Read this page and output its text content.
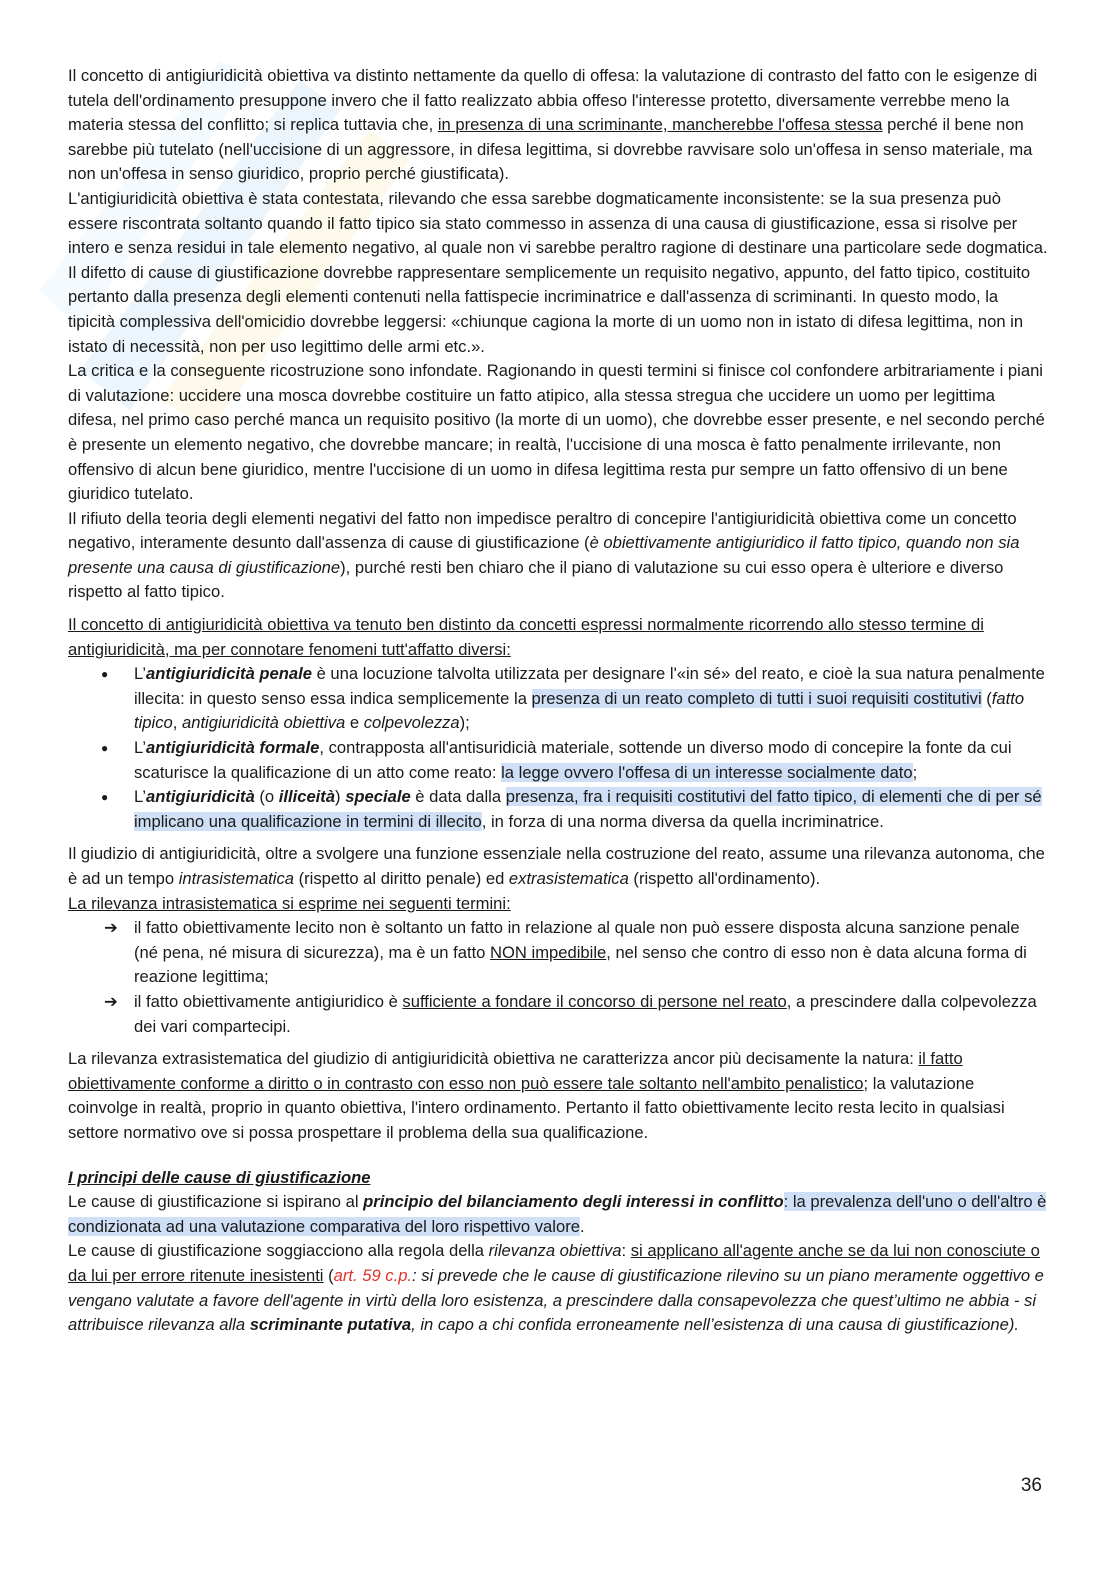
Il concetto di antigiuridicità obiettiva va distinto nettamente da quello di offesa: la valutazione di contrasto del fatto con le esigenze di tutela dell'ordinamento presuppone invero che il fatto realizzato abbia offeso l'interesse protetto, diversamente verrebbe meno la materia stessa del conflitto; si replica tuttavia che, in presenza di una scriminante, mancherebbe l'offesa stessa perché il bene non sarebbe più tutelato (nell'uccisione di un aggressore, in difesa legittima, si dovrebbe ravvisare solo un'offesa in senso materiale, ma non un'offesa in senso giuridico, proprio perché giustificata).

L'antigiuridicità obiettiva è stata contestata, rilevando che essa sarebbe dogmaticamente inconsistente: se la sua presenza può essere riscontrata soltanto quando il fatto tipico sia stato commesso in assenza di una causa di giustificazione, essa si risolve per intero e senza residui in tale elemento negativo, al quale non vi sarebbe peraltro ragione di destinare una particolare sede dogmatica. Il difetto di cause di giustificazione dovrebbe rappresentare semplicemente un requisito negativo, appunto, del fatto tipico, costituito pertanto dalla presenza degli elementi contenuti nella fattispecie incriminatrice e dall'assenza di scriminanti. In questo modo, la tipicità complessiva dell'omicidio dovrebbe leggersi: «chiunque cagiona la morte di un uomo non in istato di difesa legittima, non in istato di necessità, non per uso legittimo delle armi etc.».

La critica e la conseguente ricostruzione sono infondate. Ragionando in questi termini si finisce col confondere arbitrariamente i piani di valutazione: uccidere una mosca dovrebbe costituire un fatto atipico, alla stessa stregua che uccidere un uomo per legittima difesa, nel primo caso perché manca un requisito positivo (la morte di un uomo), che dovrebbe esser presente, e nel secondo perché è presente un elemento negativo, che dovrebbe mancare; in realtà, l'uccisione di una mosca è fatto penalmente irrilevante, non offensivo di alcun bene giuridico, mentre l'uccisione di un uomo in difesa legittima resta pur sempre un fatto offensivo di un bene giuridico tutelato.

Il rifiuto della teoria degli elementi negativi del fatto non impedisce peraltro di concepire l'antigiuridicità obiettiva come un concetto negativo, interamente desunto dall'assenza di cause di giustificazione (è obiettivamente antigiuridico il fatto tipico, quando non sia presente una causa di giustificazione), purché resti ben chiaro che il piano di valutazione su cui esso opera è ulteriore e diverso rispetto al fatto tipico.

Il concetto di antigiuridicità obiettiva va tenuto ben distinto da concetti espressi normalmente ricorrendo allo stesso termine di antigiuridicità, ma per connotare fenomeni tutt'affatto diversi:

● L’antigiuridicità penale è una locuzione talvolta utilizzata per designare l'«in sé» del reato, e cioè la sua natura penalmente illecita: in questo senso essa indica semplicemente la presenza di un reato completo di tutti i suoi requisiti costitutivi (fatto tipico, antigiuridicità obiettiva e colpevolezza);
● L’antigiuridicità formale, contrapposta all'antisuridicià materiale, sottende un diverso modo di concepire la fonte da cui scaturisce la qualificazione di un atto come reato: la legge ovvero l'offesa di un interesse socialmente dato;
● L’antigiuridicità (o illiceità) speciale è data dalla presenza, fra i requisiti costitutivi del fatto tipico, di elementi che di per sé implicano una qualificazione in termini di illecito, in forza di una norma diversa da quella incriminatrice.

Il giudizio di antigiuridicità, oltre a svolgere una funzione essenziale nella costruzione del reato, assume una rilevanza autonoma, che è ad un tempo intrasistematica (rispetto al diritto penale) ed extrasistematica (rispetto all'ordinamento).

La rilevanza intrasistematica si esprime nei seguenti termini:

➔ il fatto obiettivamente lecito non è soltanto un fatto in relazione al quale non può essere disposta alcuna sanzione penale (né pena, né misura di sicurezza), ma è un fatto NON impedibile, nel senso che contro di esso non è data alcuna forma di reazione legittima;
➔ il fatto obiettivamente antigiuridico è sufficiente a fondare il concorso di persone nel reato, a prescindere dalla colpevolezza dei vari compartecipi.

La rilevanza extrasistematica del giudizio di antigiuridicità obiettiva ne caratterizza ancor più decisamente la natura: il fatto obiettivamente conforme a diritto o in contrasto con esso non può essere tale soltanto nell'ambito penalistico; la valutazione coinvolge in realtà, proprio in quanto obiettiva, l'intero ordinamento. Pertanto il fatto obiettivamente lecito resta lecito in qualsiasi settore normativo ove si possa prospettare il problema della sua qualificazione.

I principi delle cause di giustificazione

Le cause di giustificazione si ispirano al principio del bilanciamento degli interessi in conflitto: la prevalenza dell'uno o dell'altro è condizionata ad una valutazione comparativa del loro rispettivo valore.

Le cause di giustificazione soggiacciono alla regola della rilevanza obiettiva: si applicano all'agente anche se da lui non conosciute o da lui per errore ritenute inesistenti (art. 59 c.p.: si prevede che le cause di giustificazione rilevino su un piano meramente oggettivo e vengano valutate a favore dell'agente in virtù della loro esistenza, a prescindere dalla consapevolezza che quest’ultimo ne abbia - si attribuisce rilevanza alla scriminante putativa, in capo a chi confida erroneamente nell’esistenza di una causa di giustificazione).

36
